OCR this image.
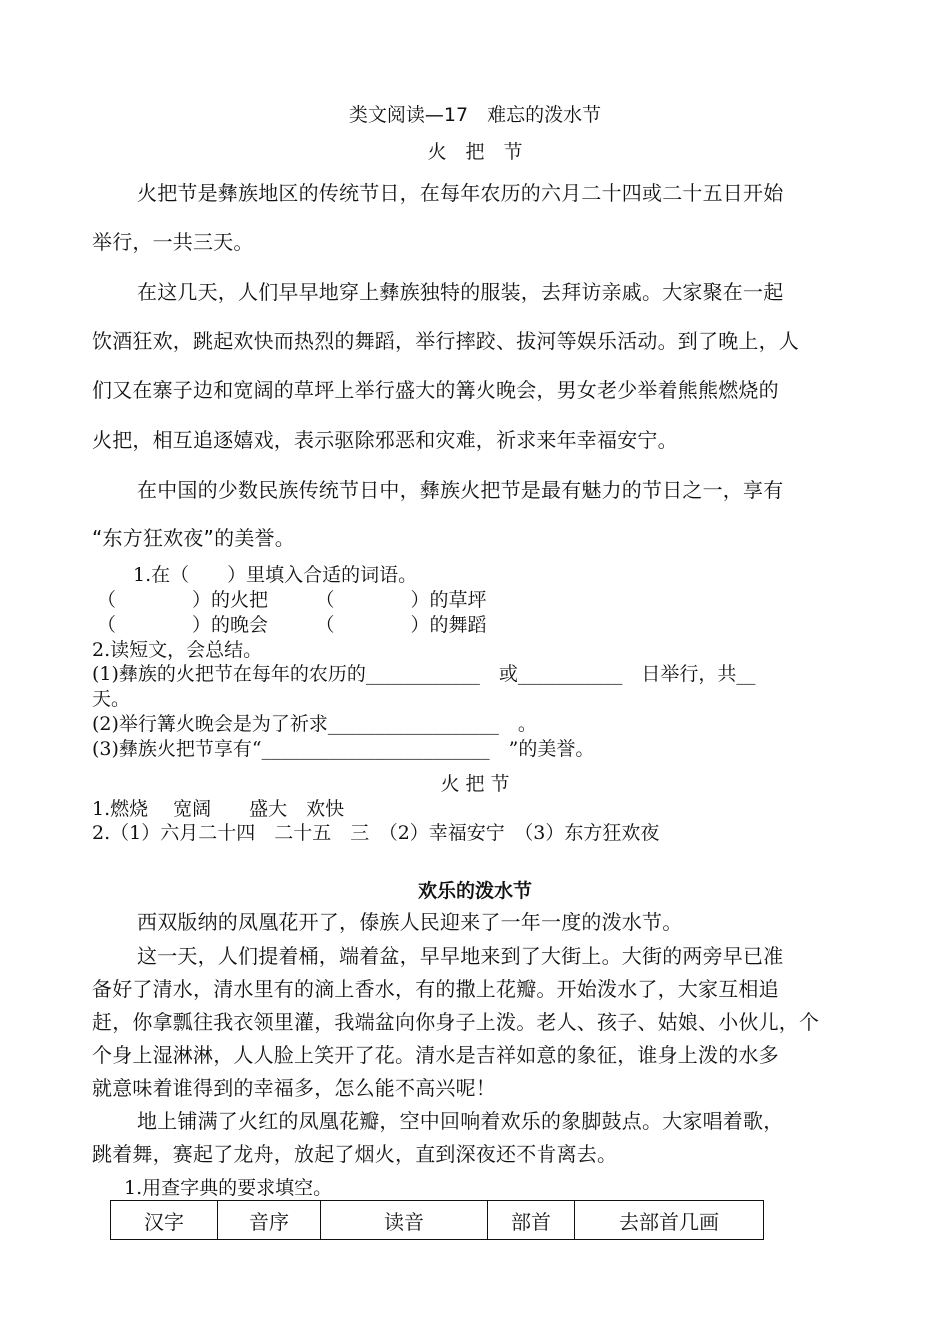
类文阅读—17　难忘的泼水节
火　把　节
火把节是彝族地区的传统节日，在每年农历的六月二十四或二十五日开始
举行，一共三天。
在这几天，人们早早地穿上彝族独特的服装，去拜访亲戚。大家聚在一起
饮酒狂欢，跳起欢快而热烈的舞蹈，举行摔跤、拔河等娱乐活动。到了晚上，人
们又在寨子边和宽阔的草坪上举行盛大的篝火晚会，男女老少举着熊熊燃烧的
火把，相互追逐嬉戏，表示驱除邪恶和灾难，祈求来年幸福安宁。
在中国的少数民族传统节日中，彝族火把节是最有魅力的节日之一，享有
“东方狂欢夜”的美誉。
1.在（　　）里填入合适的词语。
（　　　　）的火把　　　（　　　　）的草坪
（　　　　）的晚会　　　（　　　　）的舞蹈
2.读短文，会总结。
(1)彝族的火把节在每年的农历的____________　或___________　日举行，共__
天。
(2)举行篝火晚会是为了祈求__________________　。
(3)彝族火把节享有“________________________　”的美誉。
火 把 节
1.燃烧　 宽阔　　盛大　欢快
2.（1）六月二十四　二十五　三　（2）幸福安宁　（3）东方狂欢夜
欢乐的泼水节
西双版纳的凤凰花开了，傣族人民迎来了一年一度的泼水节。
这一天，人们提着桶，端着盆，早早地来到了大街上。大街的两旁早已准
备好了清水，清水里有的滴上香水，有的撒上花瓣。开始泼水了，大家互相追
赶，你拿瓢往我衣领里灌，我端盆向你身子上泼。老人、孩子、姑娘、小伙儿，个
个身上湿淋淋，人人脸上笑开了花。清水是吉祥如意的象征，谁身上泼的水多
就意味着谁得到的幸福多，怎么能不高兴呢！
地上铺满了火红的凤凰花瓣，空中回响着欢乐的象脚鼓点。大家唱着歌，
跳着舞，赛起了龙舟，放起了烟火，直到深夜还不肯离去。
1.用查字典的要求填空。
汉字	音序	读音	部首	去部首几画
